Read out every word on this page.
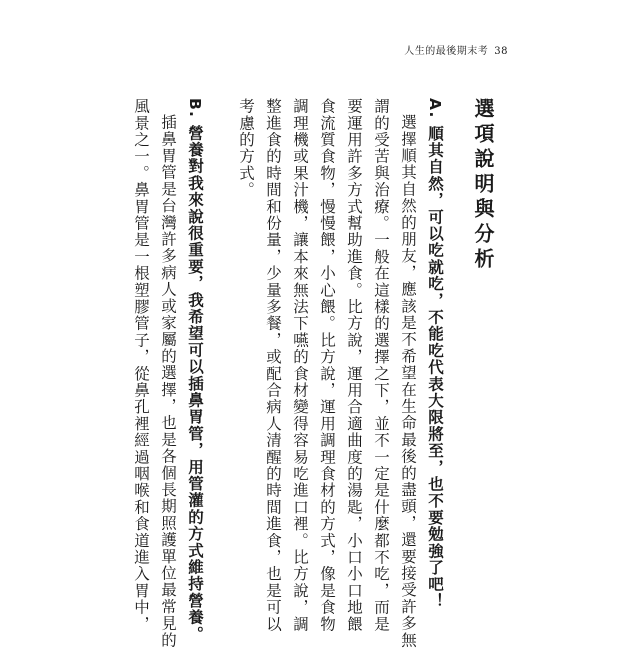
人生的最後期末考 38
選項說明與分析
A. 順其自然，可以吃就吃，不能吃代表大限將至，也不要勉強了吧！
選擇順其自然的朋友，應該是不希望在生命最後的盡頭，還要接受許多無
謂的受苦與治療。一般在這樣的選擇之下，並不一定是什麼都不吃，而是
要運用許多方式幫助進食。比方說，運用合適曲度的湯匙，小口小口地餵
食流質食物，慢慢餵，小心餵。比方說，運用調理食材的方式，像是食物
調理機或果汁機，讓本來無法下嚥的食材變得容易吃進口裡。比方說，調
整進食的時間和份量，少量多餐，或配合病人清醒的時間進食，也是可以
考慮的方式。
B. 營養對我來說很重要，我希望可以插鼻胃管，用管灌的方式維持營養。
插鼻胃管是台灣許多病人或家屬的選擇，也是各個長期照護單位最常見的
風景之一。鼻胃管是一根塑膠管子，從鼻孔裡經過咽喉和食道進入胃中，
